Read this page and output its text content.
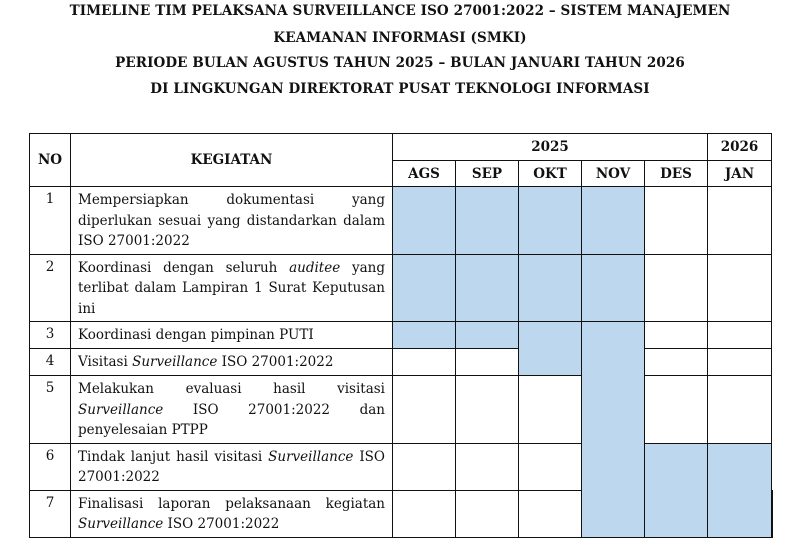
TIMELINE TIM PELAKSANA SURVEILLANCE ISO 27001:2022 – SISTEM MANAJEMEN
KEAMANAN INFORMASI (SMKI)
PERIODE BULAN AGUSTUS TAHUN 2025 – BULAN JANUARI TAHUN 2026
DI LINGKUNGAN DIREKTORAT PUSAT TEKNOLOGI INFORMASI
NO	KEGIATAN	2025					2026	
		AGS	SEP	OKT	NOV	DES	JAN	
1	Mempersiapkan dokumentasi yang diperlukan sesuai yang distandarkan dalam ISO 27001:2022							
2	Koordinasi dengan seluruh auditee yang terlibat dalam Lampiran 1 Surat Keputusan ini							
3	Koordinasi dengan pimpinan PUTI							
4	Visitasi Surveillance ISO 27001:2022							
5	Melakukan evaluasi hasil visitasi Surveillance ISO 27001:2022 dan penyelesaian PTPP							
6	Tindak lanjut hasil visitasi Surveillance ISO 27001:2022							
7	Finalisasi laporan pelaksanaan kegiatan Surveillance ISO 27001:2022							
